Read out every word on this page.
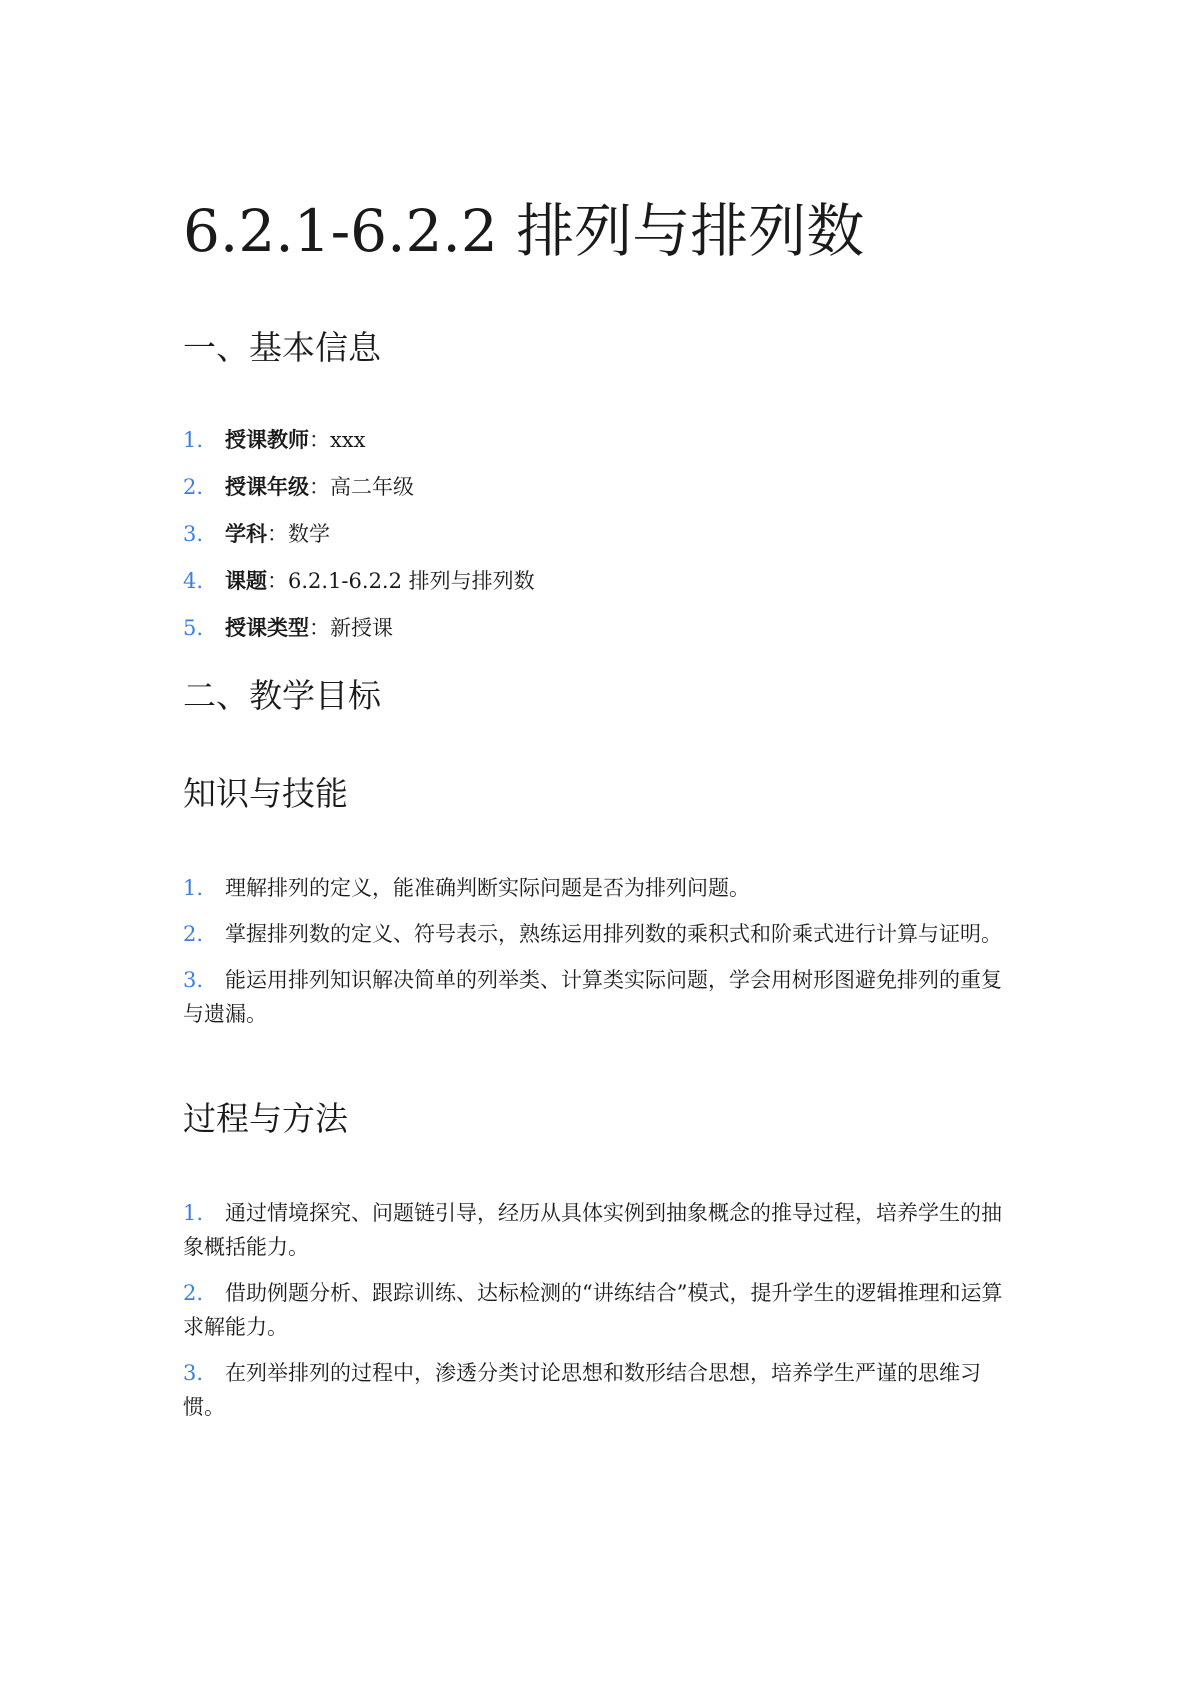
6.2.1-6.2.2 排列与排列数
一、基本信息
1. 授课教师：xxx
2. 授课年级：高二年级
3. 学科：数学
4. 课题：6.2.1-6.2.2 排列与排列数
5. 授课类型：新授课
二、教学目标
知识与技能
1. 理解排列的定义，能准确判断实际问题是否为排列问题。
2. 掌握排列数的定义、符号表示，熟练运用排列数的乘积式和阶乘式进行计算与证明。
3. 能运用排列知识解决简单的列举类、计算类实际问题，学会用树形图避免排列的重复与遗漏。
过程与方法
1. 通过情境探究、问题链引导，经历从具体实例到抽象概念的推导过程，培养学生的抽象概括能力。
2. 借助例题分析、跟踪训练、达标检测的“讲练结合”模式，提升学生的逻辑推理和运算求解能力。
3. 在列举排列的过程中，渗透分类讨论思想和数形结合思想，培养学生严谨的思维习惯。
